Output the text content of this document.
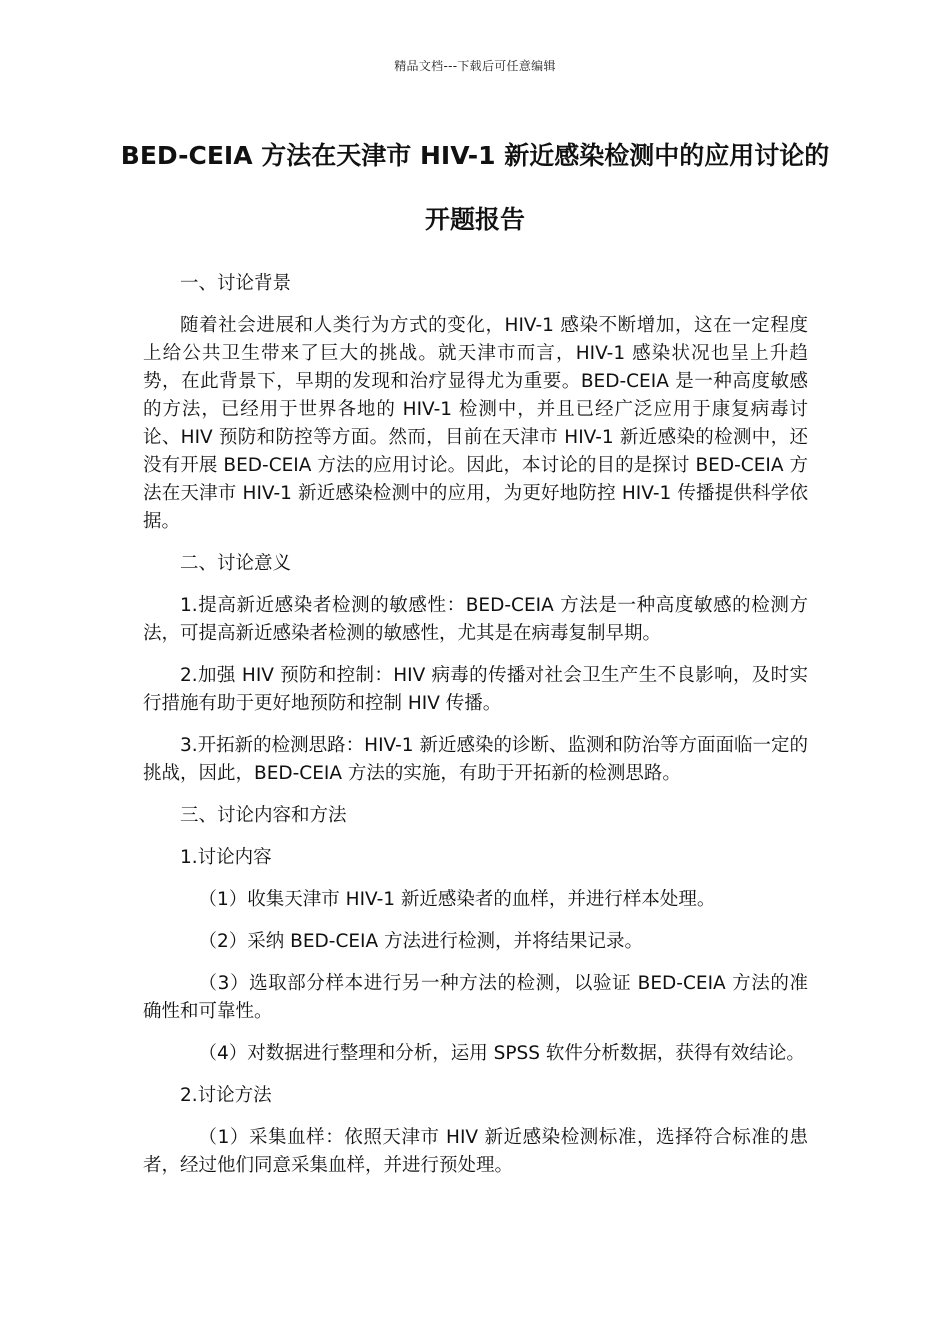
精品文档---下载后可任意编辑
BED-CEIA 方法在天津市 HIV-1 新近感染检测中的应用讨论的开题报告

一、讨论背景

随着社会进展和人类行为方式的变化，HIV-1 感染不断增加，这在一定程度上给公共卫生带来了巨大的挑战。就天津市而言，HIV-1 感染状况也呈上升趋势，在此背景下，早期的发现和治疗显得尤为重要。BED-CEIA 是一种高度敏感的方法，已经用于世界各地的 HIV-1 检测中，并且已经广泛应用于康复病毒讨论、HIV 预防和防控等方面。然而，目前在天津市 HIV-1 新近感染的检测中，还没有开展 BED-CEIA 方法的应用讨论。因此，本讨论的目的是探讨 BED-CEIA 方法在天津市 HIV-1 新近感染检测中的应用，为更好地防控 HIV-1 传播提供科学依据。

二、讨论意义

1.提高新近感染者检测的敏感性：BED-CEIA 方法是一种高度敏感的检测方法，可提高新近感染者检测的敏感性，尤其是在病毒复制早期。

2.加强 HIV 预防和控制：HIV 病毒的传播对社会卫生产生不良影响，及时实行措施有助于更好地预防和控制 HIV 传播。

3.开拓新的检测思路：HIV-1 新近感染的诊断、监测和防治等方面面临一定的挑战，因此，BED-CEIA 方法的实施，有助于开拓新的检测思路。

三、讨论内容和方法

1.讨论内容

（1）收集天津市 HIV-1 新近感染者的血样，并进行样本处理。

（2）采纳 BED-CEIA 方法进行检测，并将结果记录。

（3）选取部分样本进行另一种方法的检测，以验证 BED-CEIA 方法的准确性和可靠性。

（4）对数据进行整理和分析，运用 SPSS 软件分析数据，获得有效结论。

2.讨论方法

（1）采集血样：依照天津市 HIV 新近感染检测标准，选择符合标准的患者，经过他们同意采集血样，并进行预处理。
